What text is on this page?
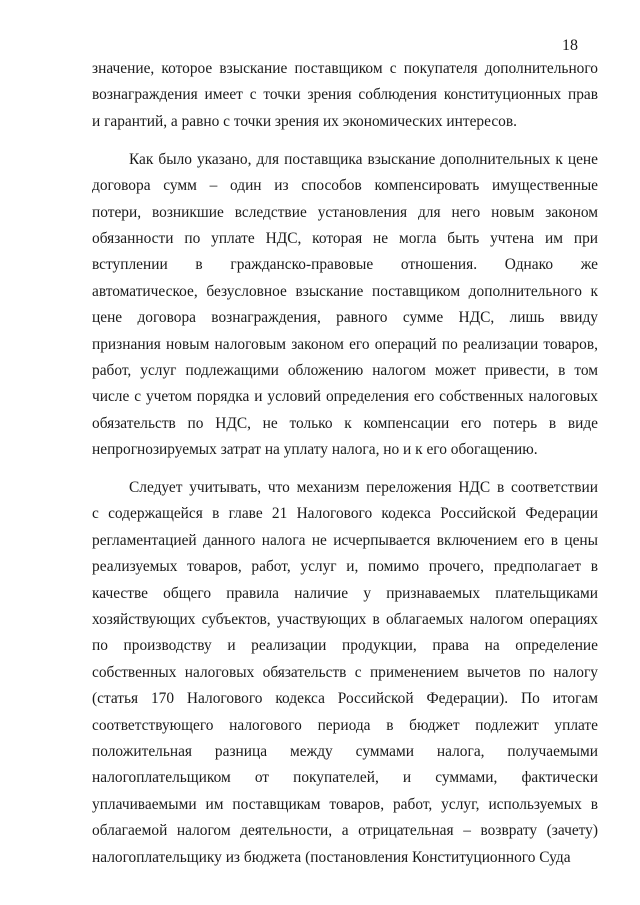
18
значение, которое взыскание поставщиком с покупателя дополнительного
вознаграждения имеет с точки зрения соблюдения конституционных прав
и гарантий, а равно с точки зрения их экономических интересов.
Как было указано, для поставщика взыскание дополнительных к цене
договора сумм – один из способов компенсировать имущественные
потери, возникшие вследствие установления для него новым законом
обязанности по уплате НДС, которая не могла быть учтена им при
вступлении в гражданско-правовые отношения. Однако же
автоматическое, безусловное взыскание поставщиком дополнительного к
цене договора вознаграждения, равного сумме НДС, лишь ввиду
признания новым налоговым законом его операций по реализации товаров,
работ, услуг подлежащими обложению налогом может привести, в том
числе с учетом порядка и условий определения его собственных налоговых
обязательств по НДС, не только к компенсации его потерь в виде
непрогнозируемых затрат на уплату налога, но и к его обогащению.
Следует учитывать, что механизм переложения НДС в соответствии
с содержащейся в главе 21 Налогового кодекса Российской Федерации
регламентацией данного налога не исчерпывается включением его в цены
реализуемых товаров, работ, услуг и, помимо прочего, предполагает в
качестве общего правила наличие у признаваемых плательщиками
хозяйствующих субъектов, участвующих в облагаемых налогом операциях
по производству и реализации продукции, права на определение
собственных налоговых обязательств с применением вычетов по налогу
(статья 170 Налогового кодекса Российской Федерации). По итогам
соответствующего налогового периода в бюджет подлежит уплате
положительная разница между суммами налога, получаемыми
налогоплательщиком от покупателей, и суммами, фактически
уплачиваемыми им поставщикам товаров, работ, услуг, используемых в
облагаемой налогом деятельности, а отрицательная – возврату (зачету)
налогоплательщику из бюджета (постановления Конституционного Суда
